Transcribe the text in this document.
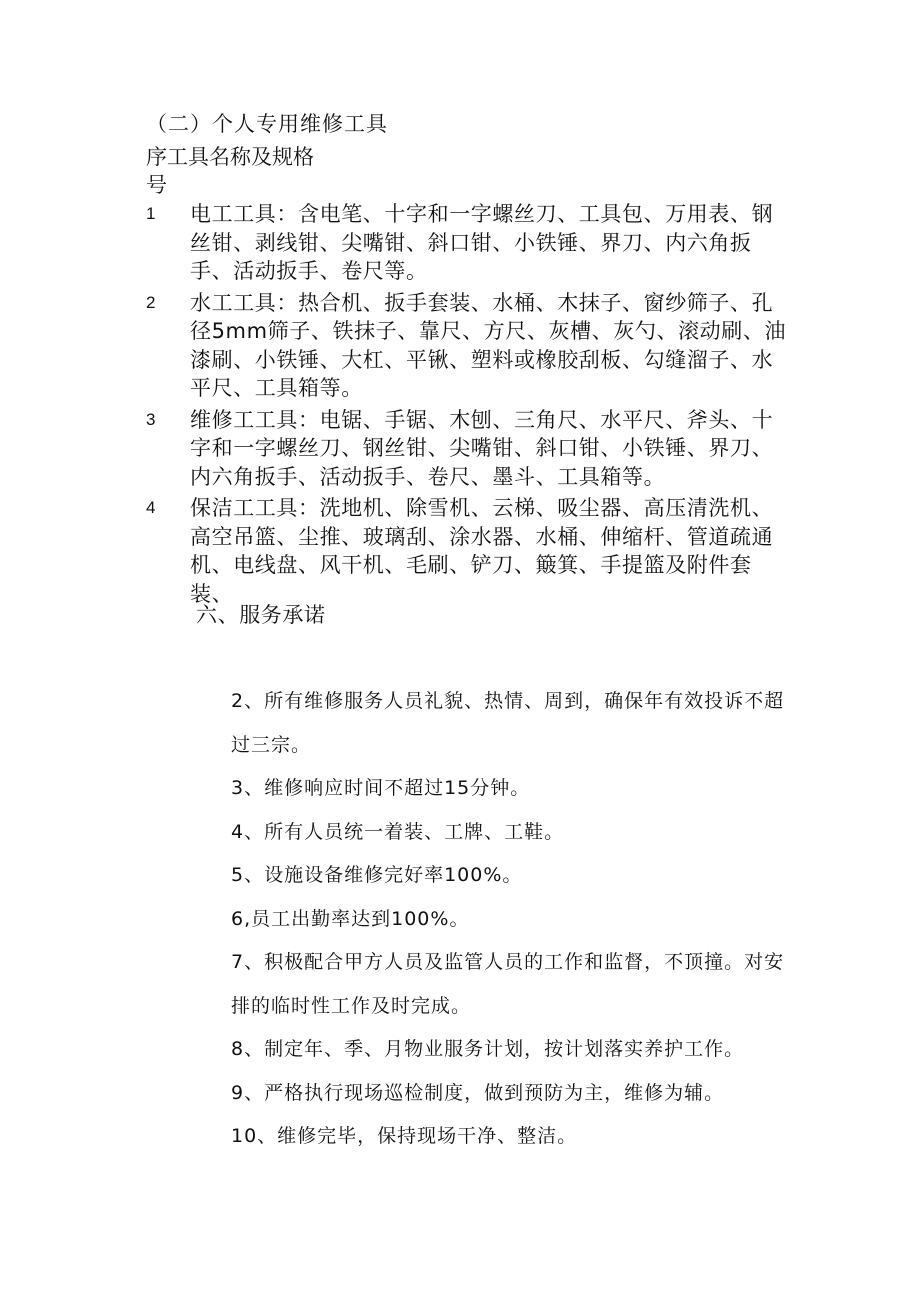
（二）个人专用维修工具
序工具名称及规格
号
1 电工工具：含电笔、十字和一字螺丝刀、工具包、万用表、钢丝钳、剥线钳、尖嘴钳、斜口钳、小铁锤、界刀、内六角扳手、活动扳手、卷尺等。
2 水工工具：热合机、扳手套装、水桶、木抹子、窗纱筛子、孔径5mm筛子、铁抹子、靠尺、方尺、灰槽、灰勺、滚动刷、油漆刷、小铁锤、大杠、平锹、塑料或橡胶刮板、勾缝溜子、水平尺、工具箱等。
3 维修工工具：电锯、手锯、木刨、三角尺、水平尺、斧头、十字和一字螺丝刀、钢丝钳、尖嘴钳、斜口钳、小铁锤、界刀、内六角扳手、活动扳手、卷尺、墨斗、工具箱等。
4 保洁工工具：洗地机、除雪机、云梯、吸尘器、高压清洗机、高空吊篮、尘推、玻璃刮、涂水器、水桶、伸缩杆、管道疏通机、电线盘、风干机、毛刷、铲刀、簸箕、手提篮及附件套装、
六、服务承诺
2、所有维修服务人员礼貌、热情、周到，确保年有效投诉不超过三宗。
3、维修响应时间不超过15分钟。
4、所有人员统一着装、工牌、工鞋。
5、设施设备维修完好率100%。
6,员工出勤率达到100%。
7、积极配合甲方人员及监管人员的工作和监督，不顶撞。对安排的临时性工作及时完成。
8、制定年、季、月物业服务计划，按计划落实养护工作。
9、严格执行现场巡检制度，做到预防为主，维修为辅。
10、维修完毕，保持现场干净、整洁。
